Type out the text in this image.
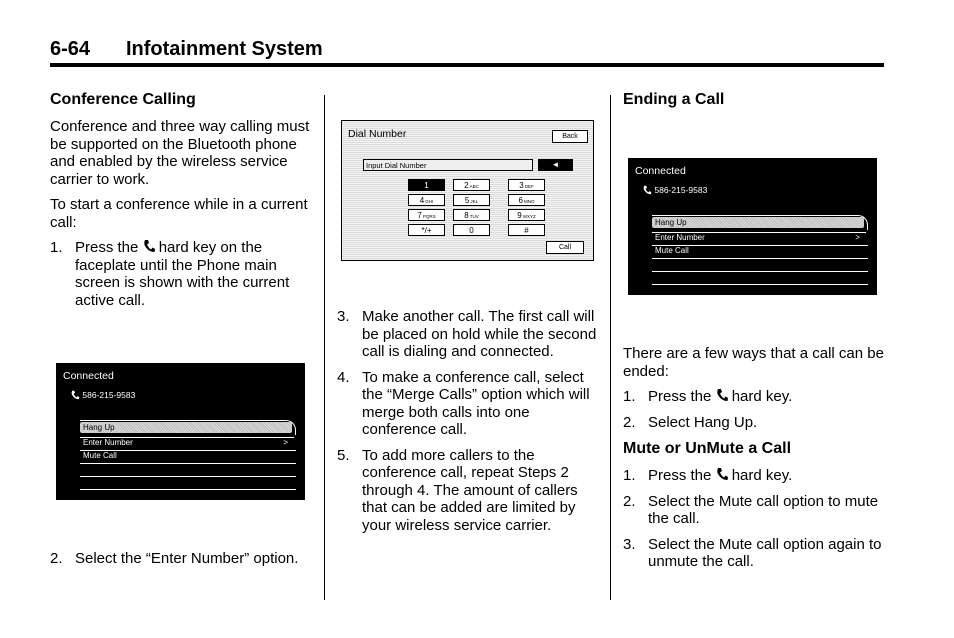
6-64 Infotainment System
Conference Calling

Conference and three way calling must be supported on the Bluetooth phone and enabled by the wireless service carrier to work.

To start a conference while in a current call:

1. Press the hard key on the faceplate until the Phone main screen is shown with the current active call.
Connected
586-215-9583
Hang Up
Enter Number	>
Mute Call
2. Select the “Enter Number” option.
Dial Number	Back
Input Dial Number	◄
Call
1	2ABC	3DEF
4GHI	5JKL	6MNO
7PQRS	8TUV	9WXYZ
*/+	0	#
3. Make another call. The first call will be placed on hold while the second call is dialing and connected.
4. To make a conference call, select the “Merge Calls” option which will merge both calls into one conference call.
5. To add more callers to the conference call, repeat Steps 2 through 4. The amount of callers that can be added are limited by your wireless service carrier.
Ending a Call
Connected
586-215-9583
Hang Up
Enter Number	>
Mute Call

There are a few ways that a call can be ended:

1. Press the hard key.
2. Select Hang Up.
Mute or UnMute a Call
1. Press the hard key.
2. Select the Mute call option to mute the call.
3. Select the Mute call option again to unmute the call.
